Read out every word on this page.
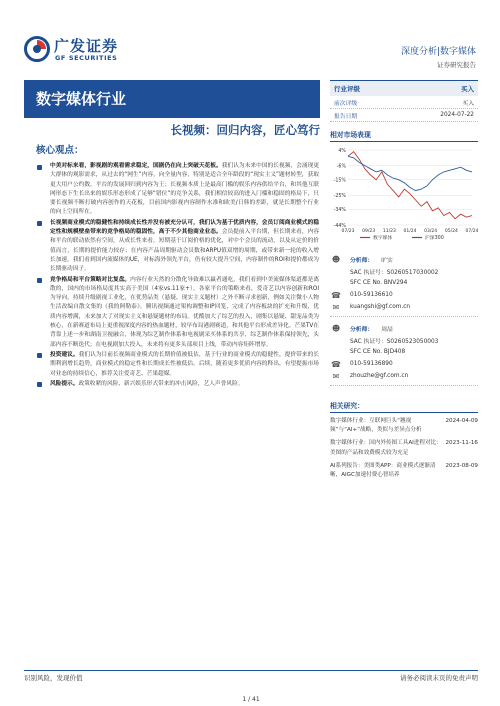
广发证券
GF SECURITIES
深度分析|数字媒体
证券研究报告
数字媒体行业
长视频：回归内容，匠心笃行
核心观点：
中美对标来看，影视剧的观看需求稳定，国剧仍在向上突破天花板。我们认为未来中国的长视频，会涌现更大群体的观影需求，从过去的“网生”内容，向全量内容，特别是适合全年龄段的“现实主义”题材转型，获取更大用户公约数。平台的发展回归到内容为王；长视频本质上是最高门槛的娱乐内容供给平台，和其他互联网形态下生长出来的娱乐形态形成了足够“错位”的竞争关系，我们相信较高的进入门槛和稳固的格局下，只要长视频不断打破内容创作的天花板，目前国内影视内容制作水准和欧美/日韩的差距，就是长期整个行业的向上空间所在。
长视频商业模式的稳健性和持续成长性并没有被充分认可，我们认为基于优质内容，会员订阅商业模式的稳定性和规模壁垒带来的竞争格局的稳固性，高于不少其他商业业态。会员提前入平台期，但长期来看，内容和平台的联动依然有空间，从成长性来看，短期基于订阅价格的优化，对中个会员的流动，以及从定价的价值而言，长期的提价能力较存；在内容产品周期驱动会员数和ARPU值双增的周期，或带来新一轮的收入增长加速，我们看到国内流媒体的UE，对标海外领先平台，仍有较大提升空间，内容制作的ROI和提价都成为长期驱动因子。
竞争格局和平台策略对比复盘。内容行业天然的分散化导致难以赢者通吃，我们看到中美流媒体渠道都是离散的，国内的市场格局度其实高于美国（4家vs.11家+）。各家平台的策略来看，爱奇艺以内容创新和ROI为导向，持续升级剧视工业化，在优势品类（悬疑、现实主义题材）之外不断寻求创新，例如关注微小人物生活改编自散文集的《我的阿勒泰》。腾讯视频通过架构调整和IP回笼，完成了内容板块的扩充和升级，优质内容增满，未来加大了对现实主义和悬疑题材的布局。优酷加大了综艺的投入，剧集以悬疑、甜宠品类为核心，在新赛道布局上更重视深度内容的热血题材，较早布局港剧赛道，和其他平台形成差异化。芒果TV在背靠上述一步和湖南卫视融合，体现为综艺制作体系和电视剧采买体系的共享，综艺制作体系保持领先，头部内容不断迭代；在电视剧加大投入，未来将有更多头部项目上线，带动内容矩阵增厚。
投资建议。我们认为目前长视频商业模式的长期价值被低估，基于行业的商业模式的稳健性，提价带来的长期利润增长趋势，商业模式的稳定性和长期成长性被低估。后续，随着更多优质内容的释出，有望提振市场对业态的持续信心，推荐关注爱奇艺、芒果超媒。
风险提示。政策收紧的风险、新兴娱乐形式带来的冲击风险，艺人声誉风险。
行业评级	买入
前次评级	买入
报告日期	2024-07-22
相对市场表现
4%
-6%
-15%
-25%
-34%
-44%
07/23 09/23 11/23 01/24 03/24 05/24 07/24
数字媒体	沪深300
☻	分析师： 旷实
SAC 执证号：S0260517030002
SFC CE No. BNV294
☎ 010-59136610
✉	kuangshi@gf.com.cn
☻	分析师： 周喆
SAC 执证号：S0260523050003
SFC CE No. BJD408
☎ 010-59136890
✉	zhouzhe@gf.com.cn
相关研究：
2024-04-09
数字媒体行业：互联网巨头“翘视频”与“AI+”战略，类似与差异点分析
2023-11-16
数字媒体行业：国内外传图工具AI进程对比：美图的产品和效费模式较为充足
2023-08-09
AI系列报告：美图类APP：商业模式逐渐清晰，AIGC加速付费心智培养
识别风险，发现价值	请务必阅读末页的免责声明
1 / 41
